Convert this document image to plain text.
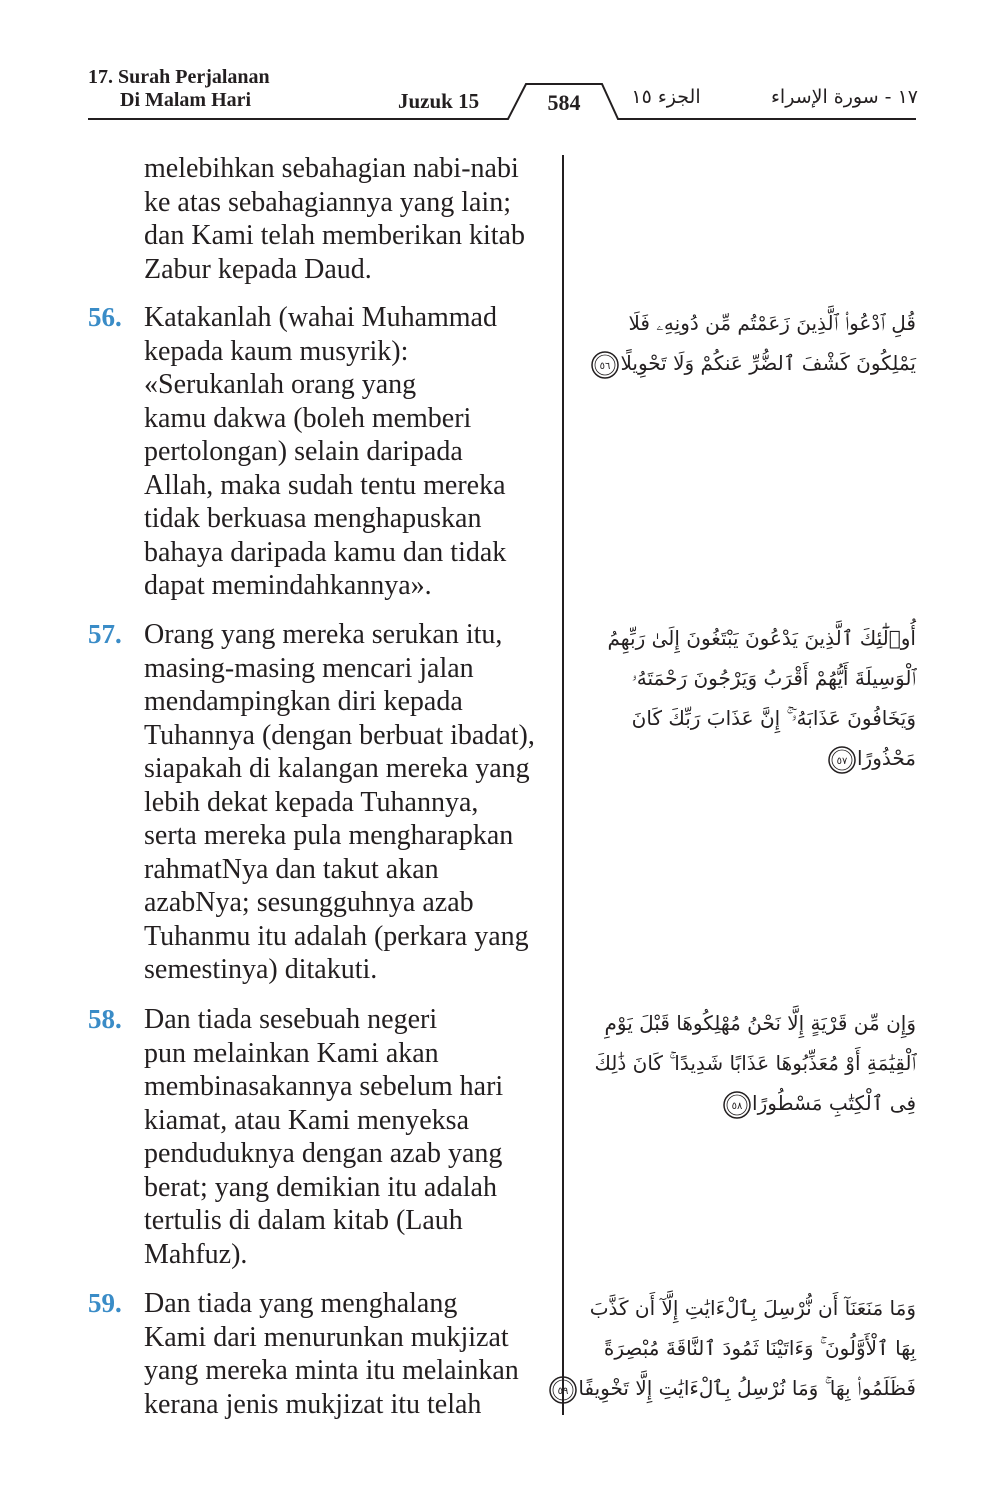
17. Surah Perjalanan
Di Malam Hari	Juzuk 15	584	الجزء ١٥	١٧ - سورة الإسراء
melebihkan sebahagian nabi-nabi
ke atas sebahagiannya yang lain;
dan Kami telah memberikan kitab
Zabur kepada Daud.
56. Katakanlah (wahai Muhammad
kepada kaum musyrik):
«Serukanlah orang yang
kamu dakwa (boleh memberi
pertolongan) selain daripada
Allah, maka sudah tentu mereka
tidak berkuasa menghapuskan
bahaya daripada kamu dan tidak
dapat memindahkannya».
قُلِ ٱدْعُوا۟ ٱلَّذِينَ زَعَمْتُم مِّن دُونِهِۦ فَلَا
يَمْلِكُونَ كَشْفَ ٱلضُّرِّ عَنكُمْ وَلَا تَحْوِيلًا
٥٦
57. Orang yang mereka serukan itu,
masing-masing mencari jalan
mendampingkan diri kepada
Tuhannya (dengan berbuat ibadat),
siapakah di kalangan mereka yang
lebih dekat kepada Tuhannya,
serta mereka pula mengharapkan
rahmatNya dan takut akan
azabNya; sesungguhnya azab
Tuhanmu itu adalah (perkara yang
semestinya) ditakuti.
أُو۟لَٰٓئِكَ ٱلَّذِينَ يَدْعُونَ يَبْتَغُونَ إِلَىٰ رَبِّهِمُ
ٱلْوَسِيلَةَ أَيُّهُمْ أَقْرَبُ وَيَرْجُونَ رَحْمَتَهُۥ
وَيَخَافُونَ عَذَابَهُۥٓ ۚ إِنَّ عَذَابَ رَبِّكَ كَانَ
مَحْذُورًا
٥٧
58. Dan tiada sesebuah negeri
pun melainkan Kami akan
membinasakannya sebelum hari
kiamat, atau Kami menyeksa
penduduknya dengan azab yang
berat; yang demikian itu adalah
tertulis di dalam kitab (Lauh
Mahfuz).
وَإِن مِّن قَرْيَةٍ إِلَّا نَحْنُ مُهْلِكُوهَا قَبْلَ يَوْمِ
ٱلْقِيَٰمَةِ أَوْ مُعَذِّبُوهَا عَذَابًا شَدِيدًا ۚ كَانَ ذَٰلِكَ
فِى ٱلْكِتَٰبِ مَسْطُورًا
٥٨
59. Dan tiada yang menghalang
Kami dari menurunkan mukjizat
yang mereka minta itu melainkan
kerana jenis mukjizat itu telah
وَمَا مَنَعَنَآ أَن نُّرْسِلَ بِٱلْءَايَٰتِ إِلَّآ أَن كَذَّبَ
بِهَا ٱلْأَوَّلُونَ ۚ وَءَاتَيْنَا ثَمُودَ ٱلنَّاقَةَ مُبْصِرَةً
فَظَلَمُوا۟ بِهَا ۚ وَمَا نُرْسِلُ بِٱلْءَايَٰتِ إِلَّا تَخْوِيفًا
٥٩
